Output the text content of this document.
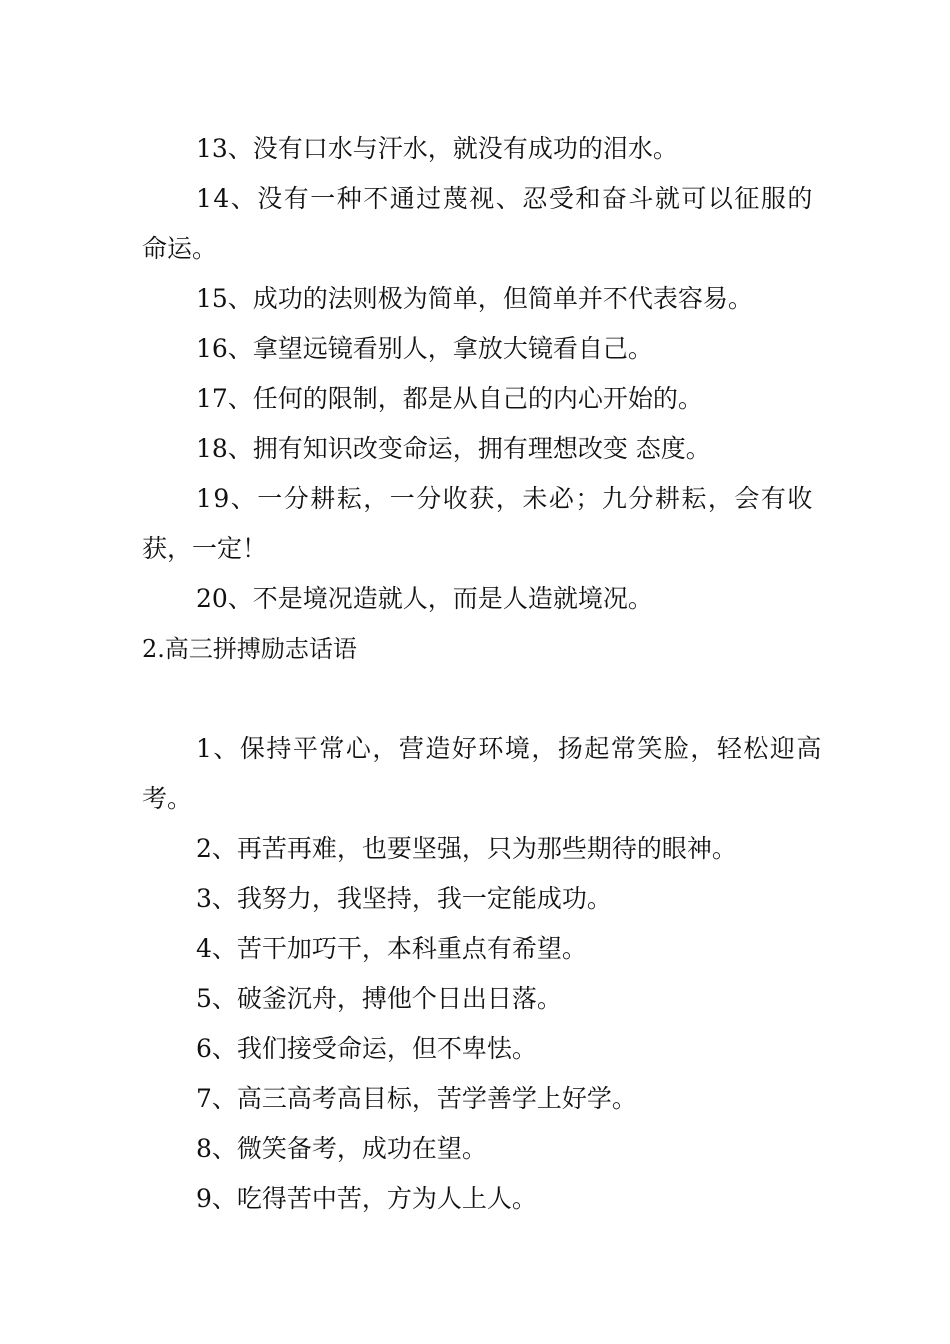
13、没有口水与汗水，就没有成功的泪水。
14、没有一种不通过蔑视、忍受和奋斗就可以征服的
命运。
15、成功的法则极为简单，但简单并不代表容易。
16、拿望远镜看别人，拿放大镜看自己。
17、任何的限制，都是从自己的内心开始的。
18、拥有知识改变命运，拥有理想改变 态度。
19、一分耕耘，一分收获，未必；九分耕耘，会有收
获，一定！
20、不是境况造就人，而是人造就境况。
2.高三拼搏励志话语
1、保持平常心，营造好环境，扬起常笑脸，轻松迎高
考。
2、再苦再难，也要坚强，只为那些期待的眼神。
3、我努力，我坚持，我一定能成功。
4、苦干加巧干，本科重点有希望。
5、破釜沉舟，搏他个日出日落。
6、我们接受命运，但不卑怯。
7、高三高考高目标，苦学善学上好学。
8、微笑备考，成功在望。
9、吃得苦中苦，方为人上人。
